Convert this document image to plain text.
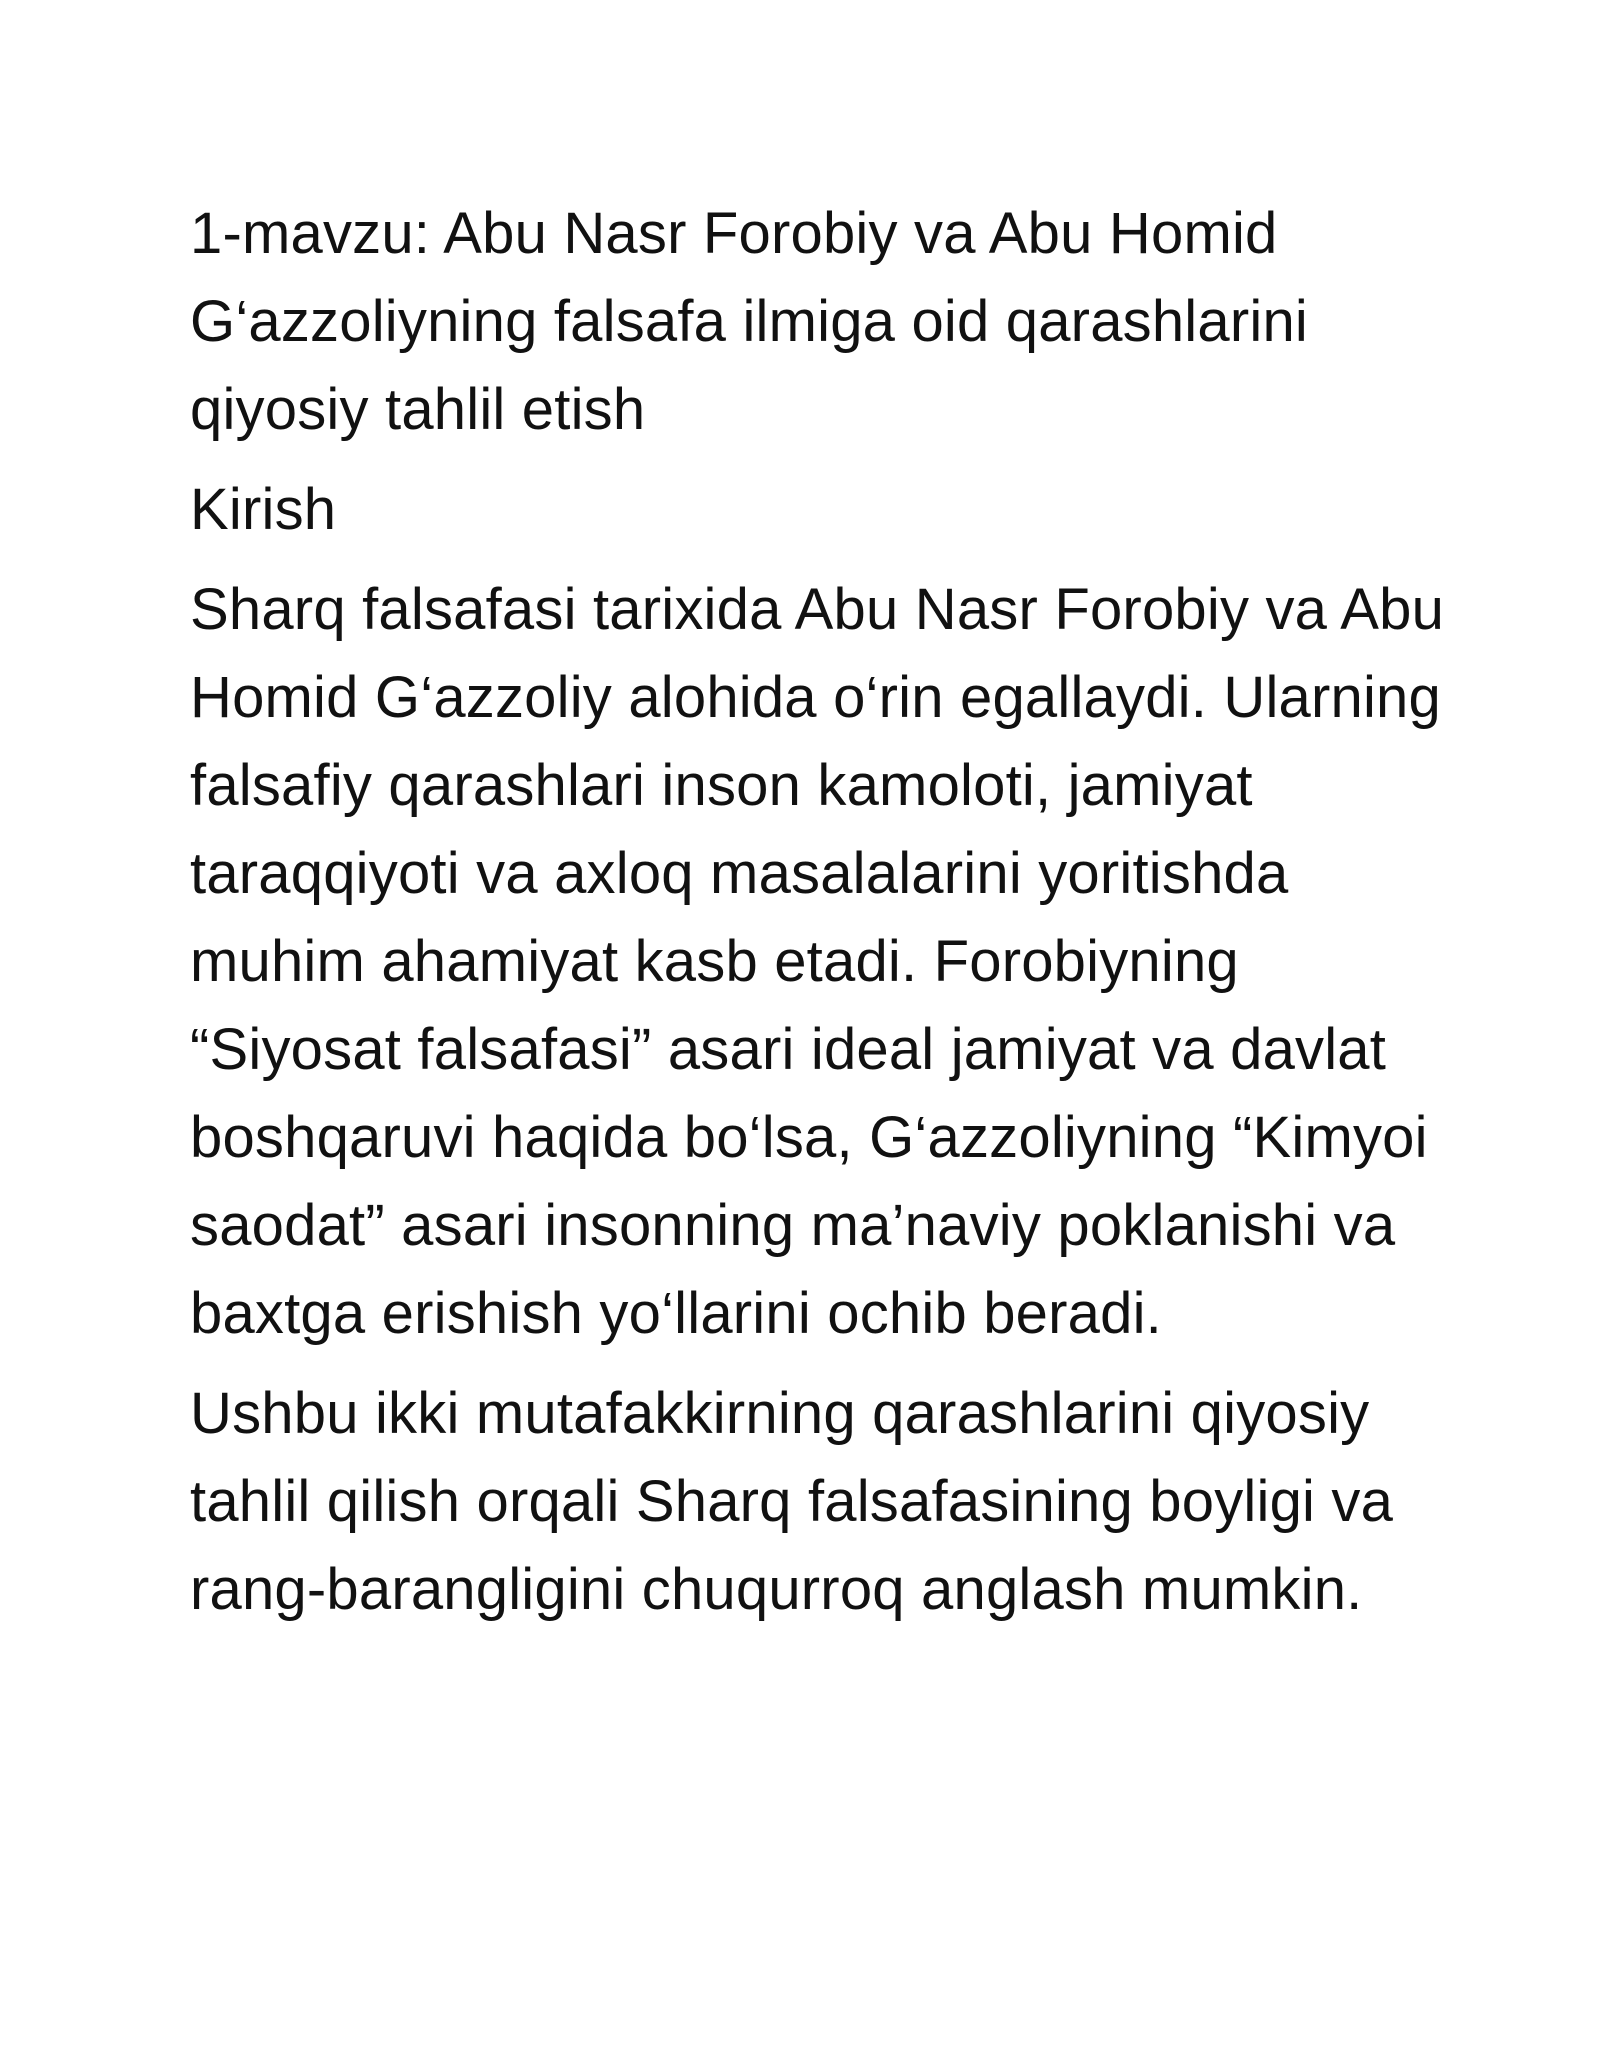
1-mavzu: Abu Nasr Forobiy va Abu Homid G‘azzoliyning falsafa ilmiga oid qarashlarini qiyosiy tahlil etish
Kirish

Sharq falsafasi tarixida Abu Nasr Forobiy va Abu Homid G‘azzoliy alohida o‘rin egallaydi. Ularning falsafiy qarashlari inson kamoloti, jamiyat taraqqiyoti va axloq masalalarini yoritishda muhim ahamiyat kasb etadi. Forobiyning “Siyosat falsafasi” asari ideal jamiyat va davlat boshqaruvi haqida bo‘lsa, G‘azzoliyning “Kimyoi saodat” asari insonning ma’naviy poklanishi va baxtga erishish yo‘llarini ochib beradi.

Ushbu ikki mutafakkirning qarashlarini qiyosiy tahlil qilish orqali Sharq falsafasining boyligi va rang-barangligini chuqurroq anglash mumkin.
